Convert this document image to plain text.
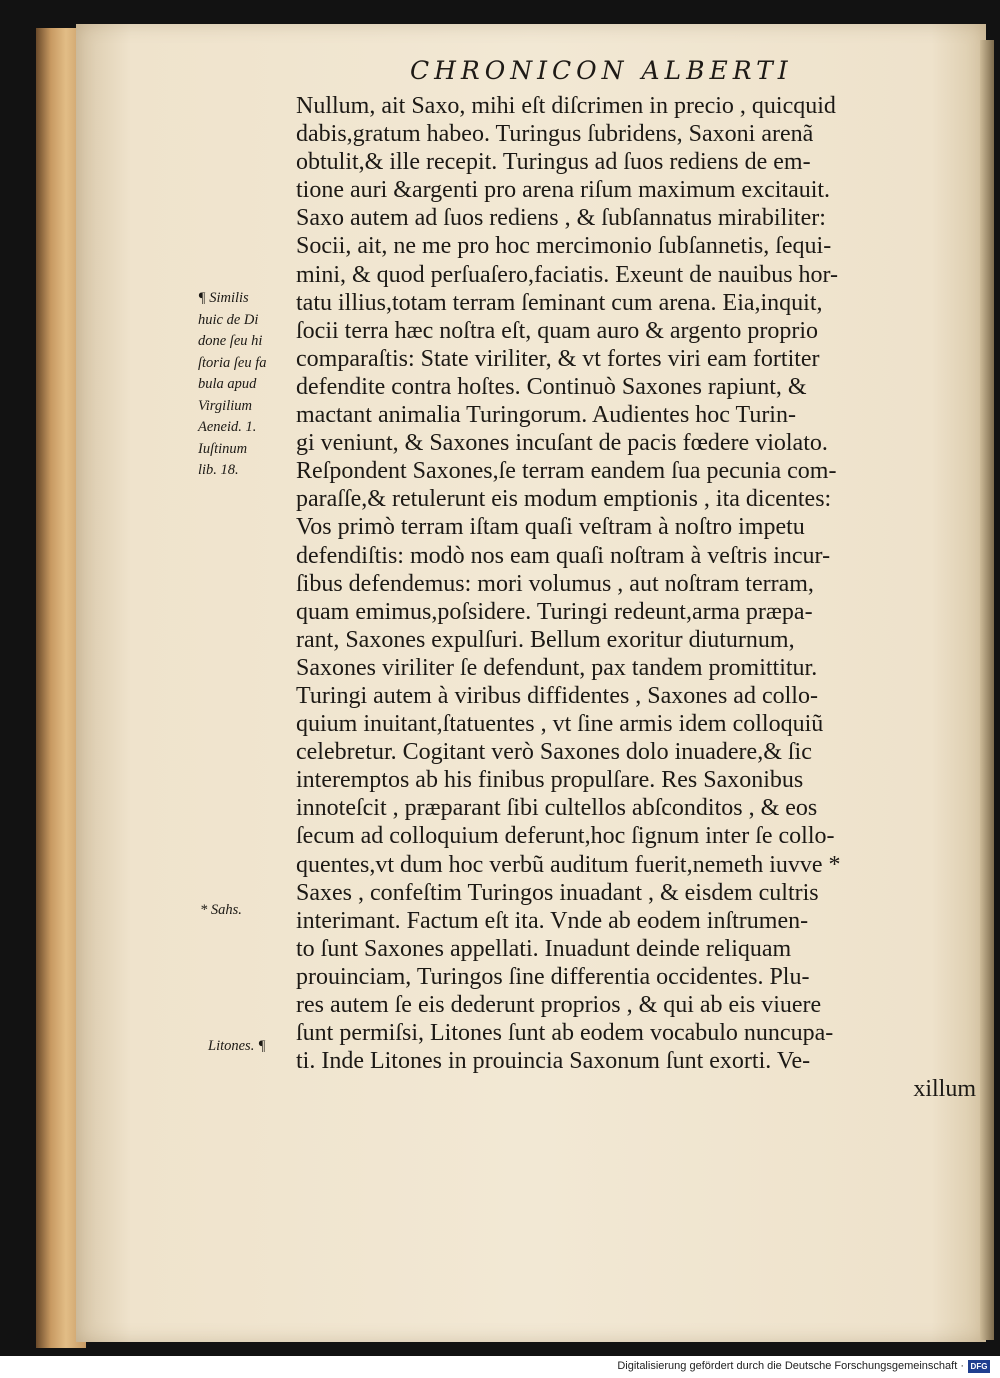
CHRONICON ALBERTI
¶ Similis
huic de Di
done ſeu hi
ſtoria ſeu fa
bula apud
Virgilium
Aeneid. 1.
Iuſtinum
lib. 18.
* Sahs.
Litones. ¶
Nullum, ait Saxo, mihi eſt diſcrimen in precio , quicquid
dabis,gratum habeo. Turingus ſubridens, Saxoni arenã
obtulit,& ille recepit. Turingus ad ſuos rediens de em-
tione auri &argenti pro arena riſum maximum excitauit.
Saxo autem ad ſuos rediens , & ſubſannatus mirabiliter:
Socii, ait, ne me pro hoc mercimonio ſubſannetis, ſequi-
mini, & quod perſuaſero,faciatis. Exeunt de nauibus hor-
tatu illius,totam terram ſeminant cum arena. Eia,inquit,
ſocii terra hæc noſtra eſt, quam auro & argento proprio
comparaſtis: State viriliter, & vt fortes viri eam fortiter
defendite contra hoſtes. Continuò Saxones rapiunt, &
mactant animalia Turingorum. Audientes hoc Turin-
gi veniunt, & Saxones incuſant de pacis fœdere violato.
Reſpondent Saxones,ſe terram eandem ſua pecunia com-
paraſſe,& retulerunt eis modum emptionis , ita dicentes:
Vos primò terram iſtam quaſi veſtram à noſtro impetu
defendiſtis: modò nos eam quaſi noſtram à veſtris incur-
ſibus defendemus: mori volumus , aut noſtram terram,
quam emimus,poſsidere. Turingi redeunt,arma præpa-
rant, Saxones expulſuri. Bellum exoritur diuturnum,
Saxones viriliter ſe defendunt, pax tandem promittitur.
Turingi autem à viribus diffidentes , Saxones ad collo-
quium inuitant,ſtatuentes , vt ſine armis idem colloquiũ
celebretur. Cogitant verò Saxones dolo inuadere,& ſic
interemptos ab his finibus propulſare. Res Saxonibus
innoteſcit , præparant ſibi cultellos abſconditos , & eos
ſecum ad colloquium deferunt,hoc ſignum inter ſe collo-
quentes,vt dum hoc verbũ auditum fuerit,nemeth iuvve *
Saxes , confeſtim Turingos inuadant , & eisdem cultris
interimant. Factum eſt ita. Vnde ab eodem inſtrumen-
to ſunt Saxones appellati. Inuadunt deinde reliquam
prouinciam, Turingos ſine differentia occidentes. Plu-
res autem ſe eis dederunt proprios , & qui ab eis viuere
ſunt permiſsi, Litones ſunt ab eodem vocabulo nuncupa-
ti. Inde Litones in prouincia Saxonum ſunt exorti. Ve-
xillum
Digitalisierung gefördert durch die Deutsche Forschungsgemeinschaft · DFG
